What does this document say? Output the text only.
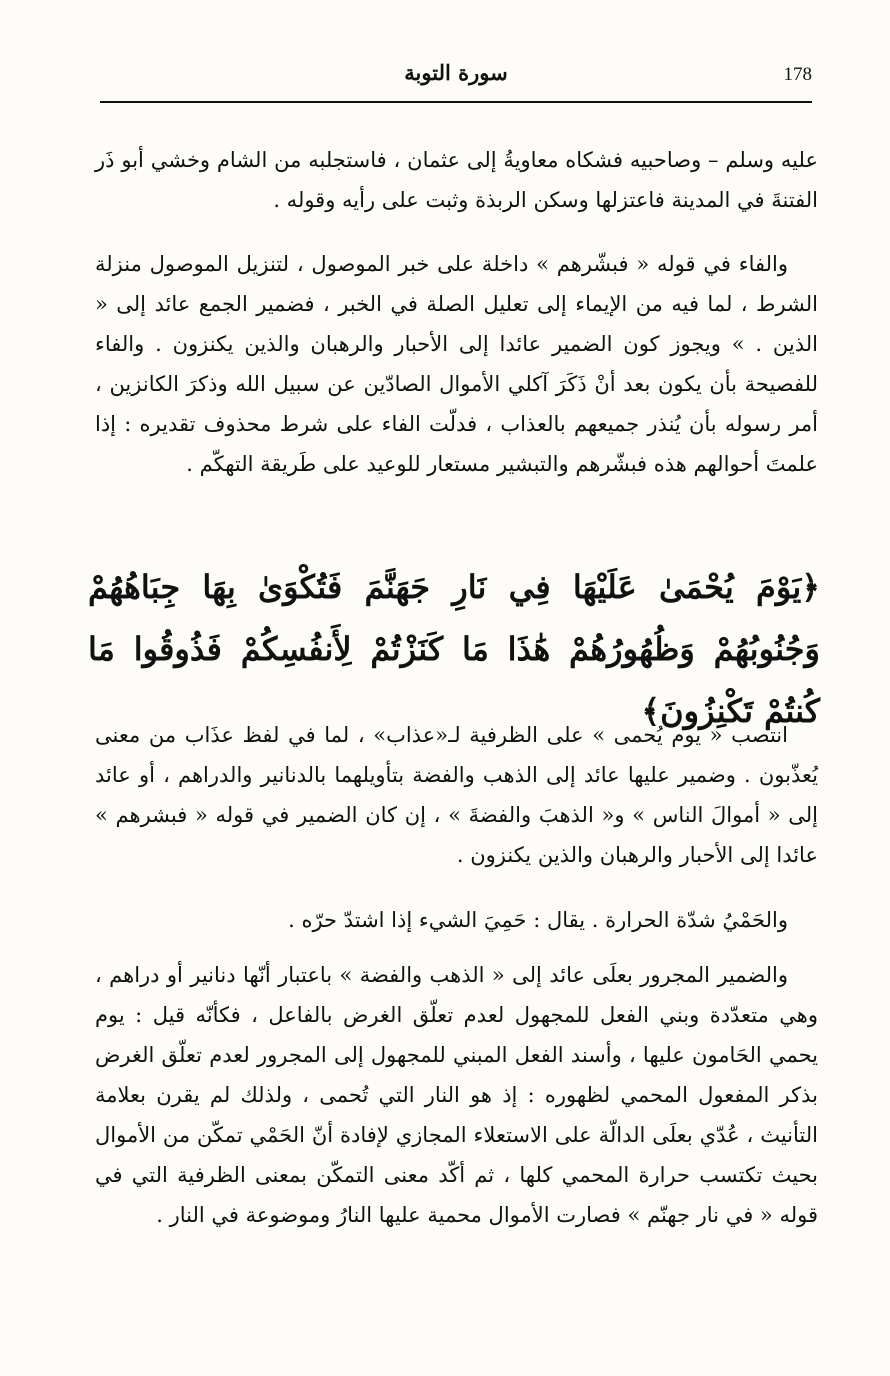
سورة التوبة	178
عليه وسلم – وصاحبيه فشكاه معاويةُ إلى عثمان ، فاستجلبه من الشام وخشي أبو ذَر الفتنةَ في المدينة فاعتزلها وسكن الربذة وثبت على رأيه وقوله .

والفاء في قوله « فبشّرهم » داخلة على خبر الموصول ، لتنزيل الموصول منزلة الشرط ، لما فيه من الإيماء إلى تعليل الصلة في الخبر ، فضمير الجمع عائد إلى « الذين . » ويجوز كون الضمير عائدا إلى الأحبار والرهبان والذين يكنزون . والفاء للفصيحة بأن يكون بعد أنْ ذَكَرَ آكلي الأموال الصادّين عن سبيل الله وذكرَ الكانزين ، أمر رسوله بأن يُنذر جميعهم بالعذاب ، فدلّت الفاء على شرط محذوف تقديره : إذا علمتَ أحوالهم هذه فبشّرهم والتبشير مستعار للوعيد على طَريقة التهكّم .

﴿يَوْمَ يُحْمَىٰ عَلَيْهَا فِي نَارِ جَهَنَّمَ فَتُكْوَىٰ بِهَا جِبَاهُهُمْ وَجُنُوبُهُمْ وَظُهُورُهُمْ هَٰذَا مَا كَنَزْتُمْ لِأَنفُسِكُمْ فَذُوقُوا مَا كُنتُمْ تَكْنِزُونَ﴾

انتصب « يوم يُحمى » على الظرفية لـ«عذاب» ، لما في لفظ عذَاب من معنى يُعذّبون . وضمير عليها عائد إلى الذهب والفضة بتأويلهما بالدنانير والدراهم ، أو عائد إلى « أموالَ الناس » و« الذهبَ والفضةَ » ، إن كان الضمير في قوله « فبشرهم » عائدا إلى الأحبار والرهبان والذين يكنزون .

والحَمْيُ شدّة الحرارة . يقال : حَمِيَ الشيء إذا اشتدّ حرّه .

والضمير المجرور بعلَى عائد إلى « الذهب والفضة » باعتبار أنّها دنانير أو دراهم ، وهي متعدّدة وبني الفعل للمجهول لعدم تعلّق الغرض بالفاعل ، فكأنّه قيل : يوم يحمي الحَامون عليها ، وأسند الفعل المبني للمجهول إلى المجرور لعدم تعلّق الغرض بذكر المفعول المحمي لظهوره : إذ هو النار التي تُحمى ، ولذلك لم يقرن بعلامة التأنيث ، عُدّي بعلَى الدالّة على الاستعلاء المجازي لإفادة أنّ الحَمْي تمكّن من الأموال بحيث تكتسب حرارة المحمي كلها ، ثم أكّد معنى التمكّن بمعنى الظرفية التي في قوله « في نار جهنّم » فصارت الأموال محمية عليها النارُ وموضوعة في النار .
